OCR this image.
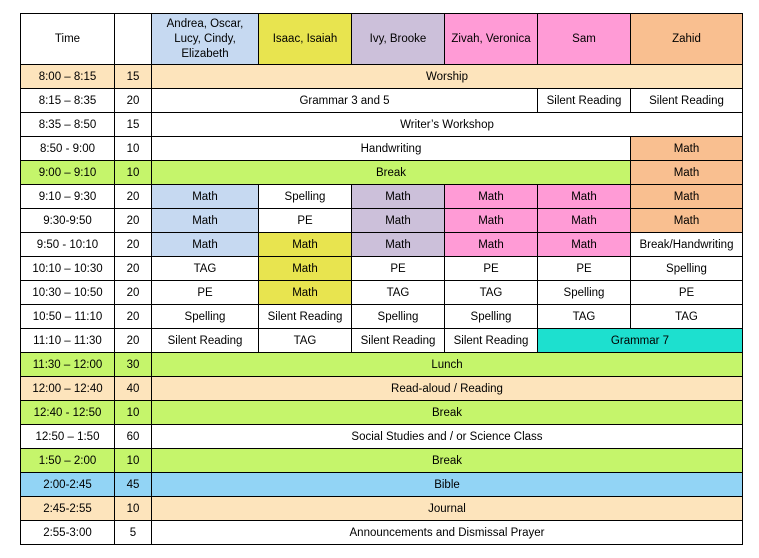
Time		Andrea, Oscar, Lucy, Cindy, Elizabeth	Isaac, Isaiah	Ivy, Brooke	Zivah, Veronica	Sam	Zahid
8:00 – 8:15	15	Worship					
8:15 – 8:35	20	Grammar 3 and 5				Silent Reading	Silent Reading
8:35 – 8:50	15	Writer’s Workshop					
8:50 - 9:00	10	Handwriting					Math
9:00 – 9:10	10	Break					Math
9:10 – 9:30	20	Math	Spelling	Math	Math	Math	Math
9:30-9:50	20	Math	PE	Math	Math	Math	Math
9:50 - 10:10	20	Math	Math	Math	Math	Math	Break/Handwriting
10:10 – 10:30	20	TAG	Math	PE	PE	PE	Spelling
10:30 – 10:50	20	PE	Math	TAG	TAG	Spelling	PE
10:50 – 11:10	20	Spelling	Silent Reading	Spelling	Spelling	TAG	TAG
11:10 – 11:30	20	Silent Reading	TAG	Silent Reading	Silent Reading	Grammar 7	
11:30 – 12:00	30	Lunch					
12:00 – 12:40	40	Read-aloud / Reading					
12:40 - 12:50	10	Break					
12:50 – 1:50	60	Social Studies and / or Science Class					
1:50 – 2:00	10	Break					
2:00-2:45	45	Bible					
2:45-2:55	10	Journal					
2:55-3:00	5	Announcements and Dismissal Prayer					
